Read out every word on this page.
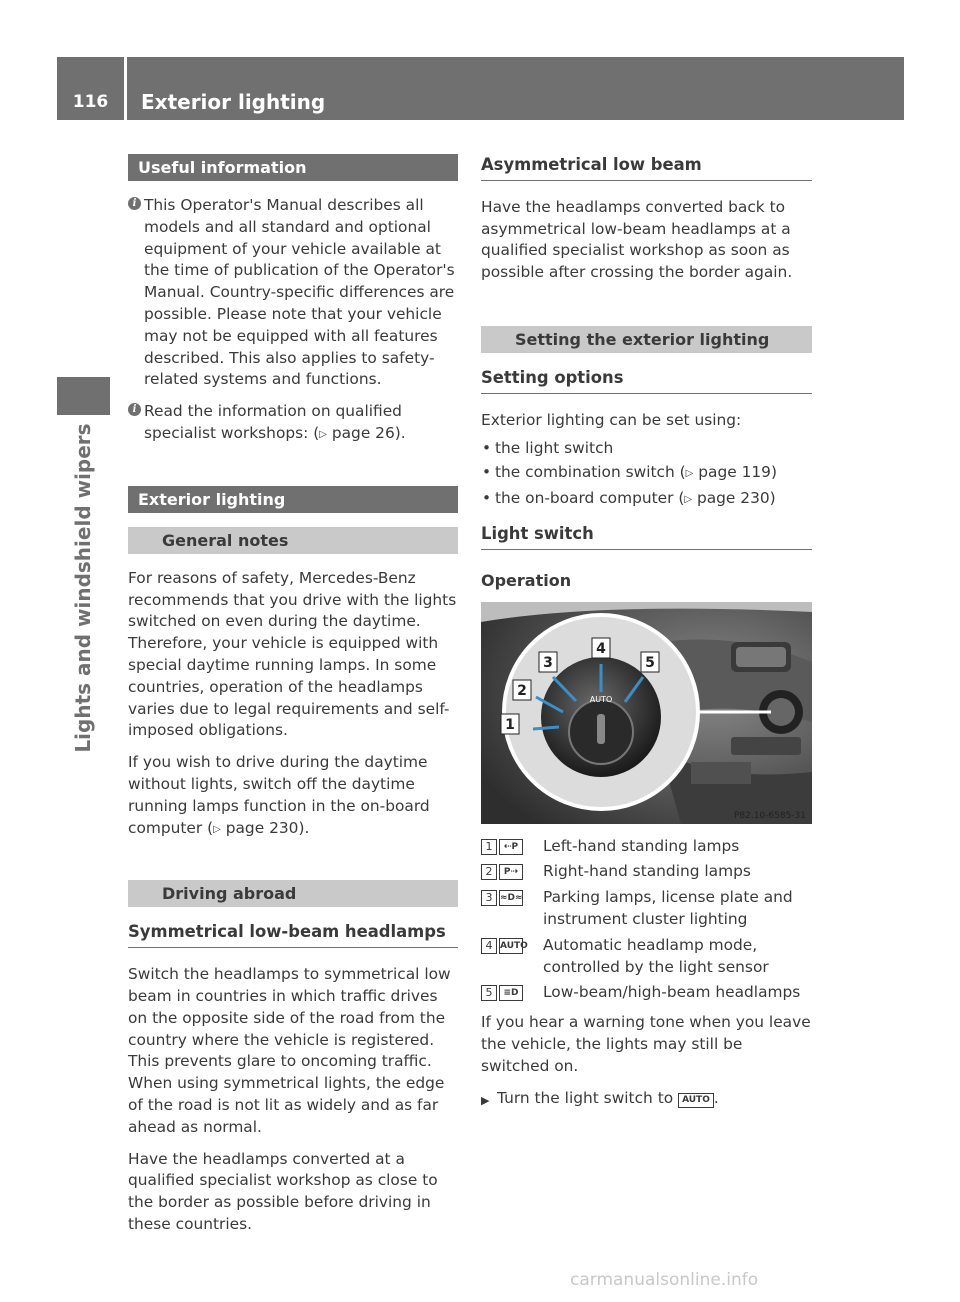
116	Exterior lighting
Lights and windshield wipers
Useful information
i This Operator's Manual describes all models and all standard and optional equipment of your vehicle available at the time of publication of the Operator's Manual. Country-specific differences are possible. Please note that your vehicle may not be equipped with all features described. This also applies to safety-related systems and functions.
i Read the information on qualified specialist workshops: (▷ page 26).
Exterior lighting
General notes

For reasons of safety, Mercedes-Benz recommends that you drive with the lights switched on even during the daytime. Therefore, your vehicle is equipped with special daytime running lamps. In some countries, operation of the headlamps varies due to legal requirements and self-imposed obligations.

If you wish to drive during the daytime without lights, switch off the daytime running lamps function in the on-board computer (▷ page 230).

Driving abroad
Symmetrical low-beam headlamps

Switch the headlamps to symmetrical low beam in countries in which traffic drives on the opposite side of the road from the country where the vehicle is registered. This prevents glare to oncoming traffic. When using symmetrical lights, the edge of the road is not lit as widely and as far ahead as normal.

Have the headlamps converted at a qualified specialist workshop as close to the border as possible before driving in these countries.

Asymmetrical low beam

Have the headlamps converted back to asymmetrical low-beam headlamps at a qualified specialist workshop as soon as possible after crossing the border again.

Setting the exterior lighting
Setting options

Exterior lighting can be set using:

• the light switch
• the combination switch (▷ page 119)
• the on-board computer (▷ page 230)
Light switch
Operation
AUTO
1
2
3
4
5
P82.10-6585-31
1	⇠P	Left-hand standing lamps
2	P⇢	Right-hand standing lamps
3 ≈D≈ Parking lamps, license plate and instrument cluster lighting
4 AUTO Automatic headlamp mode, controlled by the light sensor
5	≡D Low-beam/high-beam headlamps

If you hear a warning tone when you leave the vehicle, the lights may still be switched on.

▶ Turn the light switch to AUTO .

carmanualsonline.info
